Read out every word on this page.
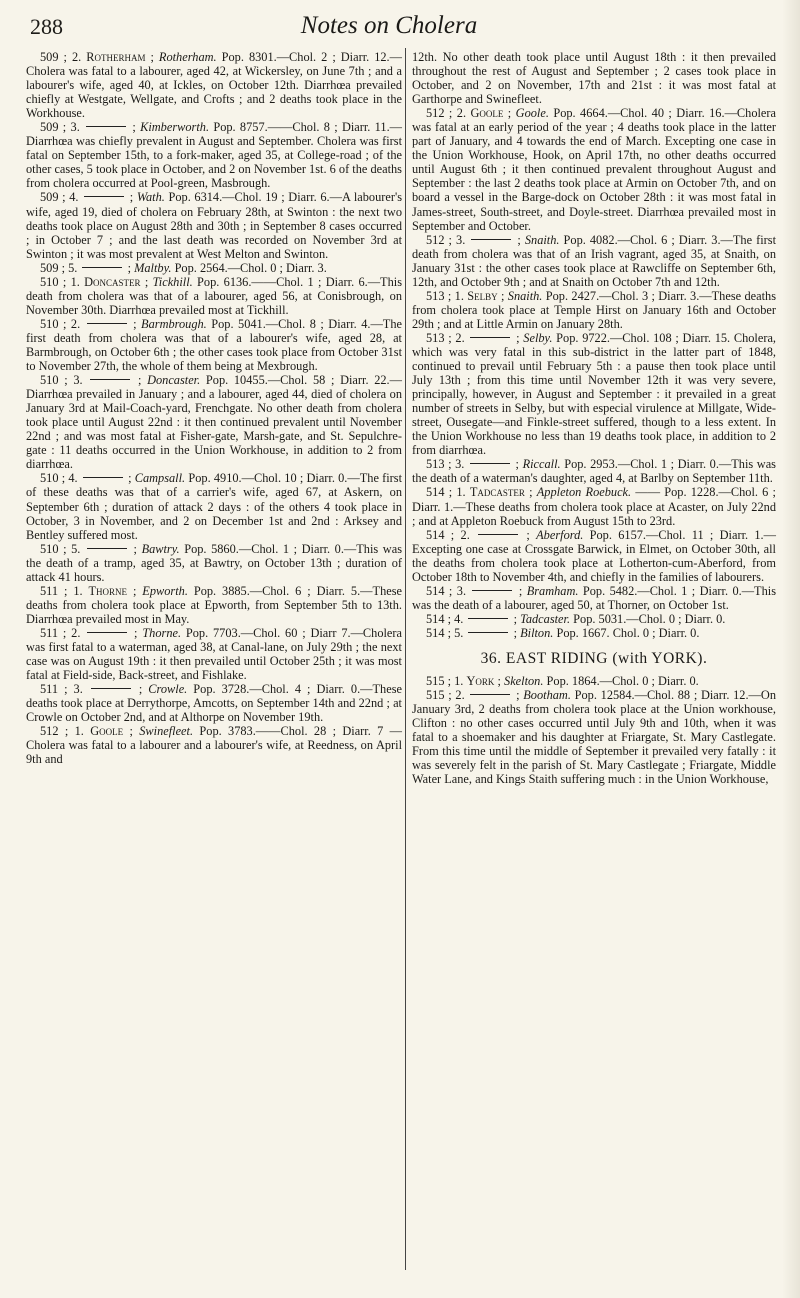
Notes on Cholera
288

509 ; 2. Rotherham ; Rotherham. Pop. 8301.—Chol. 2 ; Diarr. 12.—Cholera was fatal to a labourer, aged 42, at Wickersley, on June 7th ; and a labourer's wife, aged 40, at Ickles, on October 12th. Diarrhœa prevailed chiefly at Westgate, Wellgate, and Crofts ; and 2 deaths took place in the Workhouse.

509 ; 3.	; Kimberworth. Pop. 8757.——Chol. 8 ; Diarr. 11.—Diarrhœa was chiefly prevalent in August and September. Cholera was first fatal on September 15th, to a fork-maker, aged 35, at College-road ; of the other cases, 5 took place in October, and 2 on November 1st. 6 of the deaths from cholera occurred at Pool-green, Masbrough.

509 ; 4.	; Wath. Pop. 6314.—Chol. 19 ; Diarr. 6.—A labourer's wife, aged 19, died of cholera on February 28th, at Swinton : the next two deaths took place on August 28th and 30th ; in September 8 cases occurred ; in October 7 ; and the last death was recorded on November 3rd at Swinton ; it was most prevalent at West Melton and Swinton.

509 ; 5.	; Maltby. Pop. 2564.—Chol. 0 ; Diarr. 3.

510 ; 1. Doncaster ; Tickhill. Pop. 6136.——Chol. 1 ; Diarr. 6.—This death from cholera was that of a labourer, aged 56, at Conisbrough, on November 30th. Diarrhœa prevailed most at Tickhill.

510 ; 2.	; Barmbrough. Pop. 5041.—Chol. 8 ; Diarr. 4.—The first death from cholera was that of a labourer's wife, aged 28, at Barmbrough, on October 6th ; the other cases took place from October 31st to November 27th, the whole of them being at Mexbrough.

510 ; 3.	; Doncaster. Pop. 10455.—Chol. 58 ; Diarr. 22.—Diarrhœa prevailed in January ; and a labourer, aged 44, died of cholera on January 3rd at Mail-Coach-yard, Frenchgate. No other death from cholera took place until August 22nd : it then continued prevalent until November 22nd ; and was most fatal at Fisher-gate, Marsh-gate, and St. Sepulchre-gate : 11 deaths occurred in the Union Workhouse, in addition to 2 from diarrhœa.

510 ; 4.	; Campsall. Pop. 4910.—Chol. 10 ; Diarr. 0.—The first of these deaths was that of a carrier's wife, aged 67, at Askern, on September 6th ; duration of attack 2 days : of the others 4 took place in October, 3 in November, and 2 on December 1st and 2nd : Arksey and Bentley suffered most.

510 ; 5.	; Bawtry. Pop. 5860.—Chol. 1 ; Diarr. 0.—This was the death of a tramp, aged 35, at Bawtry, on October 13th ; duration of attack 41 hours.

511 ; 1. Thorne ; Epworth. Pop. 3885.—Chol. 6 ; Diarr. 5.—These deaths from cholera took place at Epworth, from September 5th to 13th. Diarrhœa prevailed most in May.

511 ; 2.	; Thorne. Pop. 7703.—Chol. 60 ; Diarr 7.—Cholera was first fatal to a waterman, aged 38, at Canal-lane, on July 29th ; the next case was on August 19th : it then prevailed until October 25th ; it was most fatal at Field-side, Back-street, and Fishlake.

511 ; 3.	; Crowle. Pop. 3728.—Chol. 4 ; Diarr. 0.—These deaths took place at Derrythorpe, Amcotts, on September 14th and 22nd ; at Crowle on October 2nd, and at Althorpe on November 19th.

512 ; 1. Goole ; Swinefleet. Pop. 3783.——Chol. 28 ; Diarr. 7 —Cholera was fatal to a labourer and a labourer's wife, at Reedness, on April 9th and

12th. No other death took place until August 18th : it then prevailed throughout the rest of August and September ; 2 cases took place in October, and 2 on November, 17th and 21st : it was most fatal at Garthorpe and Swinefleet.

512 ; 2. Goole ; Goole. Pop. 4664.—Chol. 40 ; Diarr. 16.—Cholera was fatal at an early period of the year ; 4 deaths took place in the latter part of January, and 4 towards the end of March. Excepting one case in the Union Workhouse, Hook, on April 17th, no other deaths occurred until August 6th ; it then continued prevalent throughout August and September : the last 2 deaths took place at Armin on October 7th, and on board a vessel in the Barge-dock on October 28th : it was most fatal in James-street, South-street, and Doyle-street. Diarrhœa prevailed most in September and October.

512 ; 3.	; Snaith. Pop. 4082.—Chol. 6 ; Diarr. 3.—The first death from cholera was that of an Irish vagrant, aged 35, at Snaith, on January 31st : the other cases took place at Rawcliffe on September 6th, 12th, and October 9th ; and at Snaith on October 7th and 12th.

513 ; 1. Selby ; Snaith. Pop. 2427.—Chol. 3 ; Diarr. 3.—These deaths from cholera took place at Temple Hirst on January 16th and October 29th ; and at Little Armin on January 28th.

513 ; 2.	; Selby. Pop. 9722.—Chol. 108 ; Diarr. 15. Cholera, which was very fatal in this sub-district in the latter part of 1848, continued to prevail until February 5th : a pause then took place until July 13th ; from this time until November 12th it was very severe, principally, however, in August and September : it prevailed in a great number of streets in Selby, but with especial virulence at Millgate, Wide-street, Ousegate—and Finkle-street suffered, though to a less extent. In the Union Workhouse no less than 19 deaths took place, in addition to 2 from diarrhœa.

513 ; 3.	; Riccall. Pop. 2953.—Chol. 1 ; Diarr. 0.—This was the death of a waterman's daughter, aged 4, at Barlby on September 11th.

514 ; 1. Tadcaster ; Appleton Roebuck. —— Pop. 1228.—Chol. 6 ; Diarr. 1.—These deaths from cholera took place at Acaster, on July 22nd ; and at Appleton Roebuck from August 15th to 23rd.

514 ; 2.	; Aberford. Pop. 6157.—Chol. 11 ; Diarr. 1.—Excepting one case at Crossgate Barwick, in Elmet, on October 30th, all the deaths from cholera took place at Lotherton-cum-Aberford, from October 18th to November 4th, and chiefly in the families of labourers.

514 ; 3.	; Bramham. Pop. 5482.—Chol. 1 ; Diarr. 0.—This was the death of a labourer, aged 50, at Thorner, on October 1st.

514 ; 4.	; Tadcaster. Pop. 5031.—Chol. 0 ; Diarr. 0.

514 ; 5.	; Bilton. Pop. 1667. Chol. 0 ; Diarr. 0.

36. EAST RIDING (with YORK).

515 ; 1. York ; Skelton. Pop. 1864.—Chol. 0 ; Diarr. 0.

515 ; 2.	; Bootham. Pop. 12584.—Chol. 88 ; Diarr. 12.—On January 3rd, 2 deaths from cholera took place at the Union workhouse, Clifton : no other cases occurred until July 9th and 10th, when it was fatal to a shoemaker and his daughter at Friargate, St. Mary Castlegate. From this time until the middle of September it prevailed very fatally : it was severely felt in the parish of St. Mary Castlegate ; Friargate, Middle Water Lane, and Kings Staith suffering much : in the Union Workhouse,
